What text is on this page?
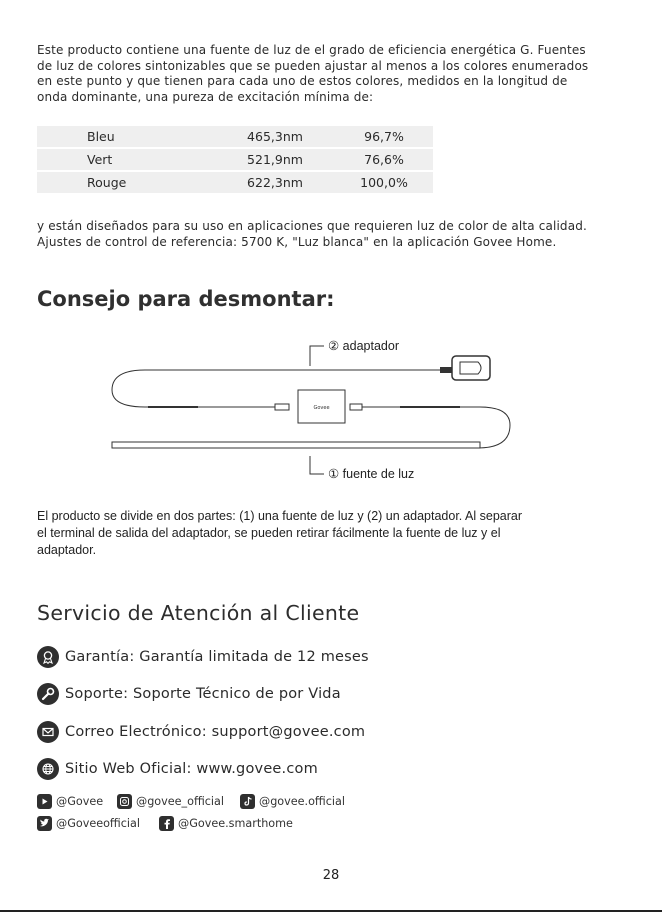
Este producto contiene una fuente de luz de el grado de eficiencia energética G. Fuentes

de luz de colores sintonizables que se pueden ajustar al menos a los colores enumerados

en este punto y que tienen para cada uno de estos colores, medidos en la longitud de

onda dominante, una pureza de excitación mínima de:

Bleu	465,3nm	96,7%
Vert	521,9nm	76,6%
Rouge	622,3nm	100,0%

y están diseñados para su uso en aplicaciones que requieren luz de color de alta calidad.

Ajustes de control de referencia: 5700 K, "Luz blanca" en la aplicación Govee Home.

Consejo para desmontar:
Govee
② adaptador
① fuente de luz
El producto se divide en dos partes: (1) una fuente de luz y (2) un adaptador. Al separar
el terminal de salida del adaptador, se pueden retirar fácilmente la fuente de luz y el
adaptador.
Servicio de Atención al Cliente
Garantía: Garantía limitada de 12 meses
Soporte: Soporte Técnico de por Vida
Correo Electrónico: support@govee.com
Sitio Web Oficial: www.govee.com
@Govee	@govee_official	@govee.official
@Goveeofficial	@Govee.smarthome
28
